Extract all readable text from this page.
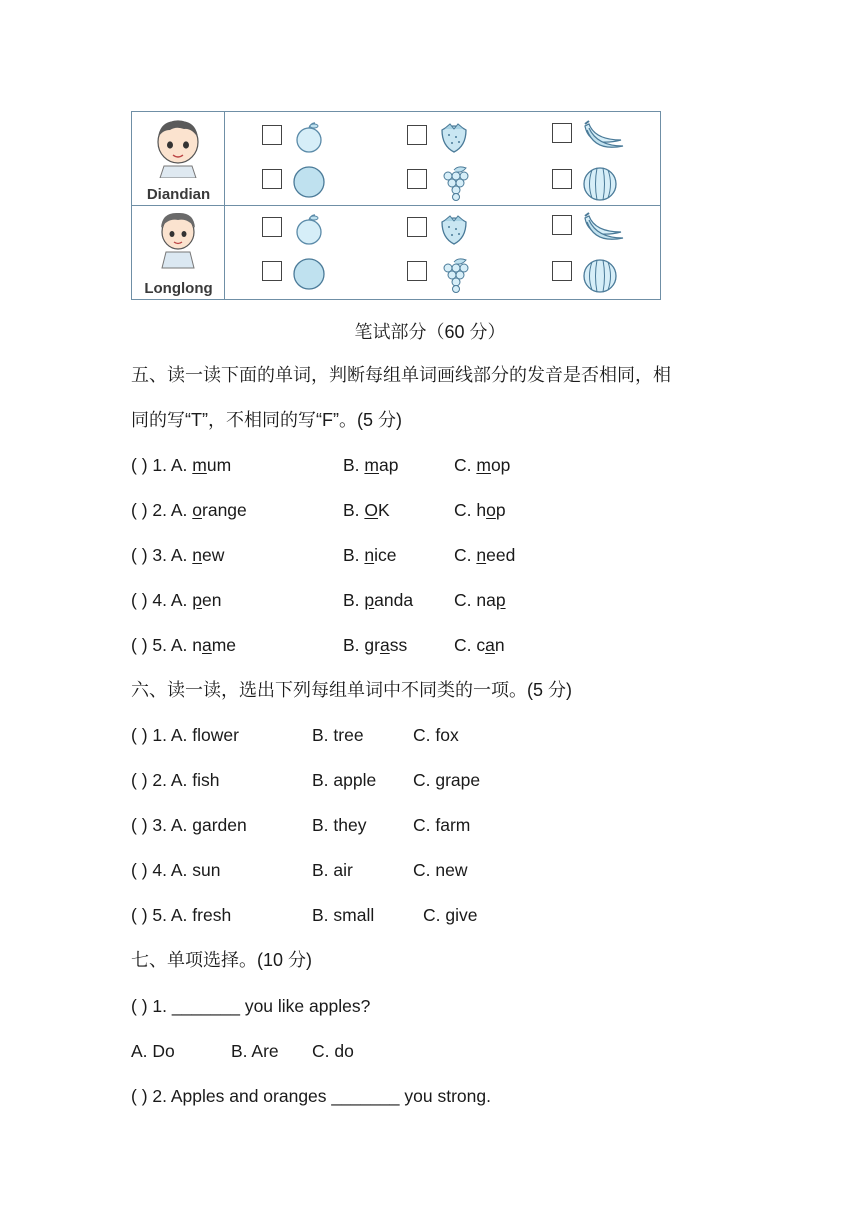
Diandian
Longlong
笔试部分（60 分）
五、读一读下面的单词，判断每组单词画线部分的发音是否相同，相
同的写“T”，不相同的写“F”。(5 分)
( ) 1. A. mum	B. map	C. mop
( ) 2. A. orange	B. OK	C. hop
( ) 3. A. new	B. nice	C. need
( ) 4. A. pen	B. panda C. nap
( ) 5. A. name	B. grass	C. can
六、读一读，选出下列每组单词中不同类的一项。(5 分)
( ) 1. A. flower	B. tree	C. fox
( ) 2. A. fish	B. apple C. grape
( ) 3. A. garden	B. they	C. farm
( ) 4. A. sun	B. air	C. new
( ) 5. A. fresh	B. small	C. give
七、单项选择。(10 分)
( ) 1. _______ you like apples?
A. Do	B. Are C. do
( ) 2. Apples and oranges _______ you strong.
